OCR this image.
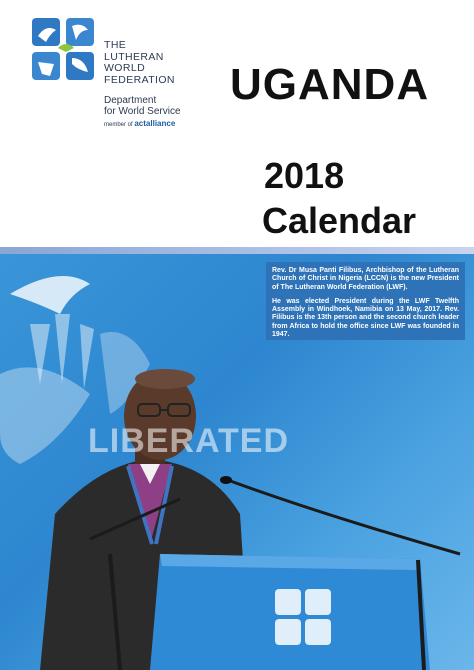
THE
LUTHERAN
WORLD
FEDERATION
Department
for World Service
member of actalliance
UGANDA
2018
Calendar
LIBERATED

Rev. Dr Musa Panti Filibus, Archbishop of the Lutheran Church of Christ in Nigeria (LCCN) is the new President of The Lutheran World Federation (LWF).

He was elected President during the LWF Twelfth Assembly in Windhoek, Namibia on 13 May, 2017. Rev. Filibus is the 13th person and the second church leader from Africa to hold the office since LWF was founded in 1947.
